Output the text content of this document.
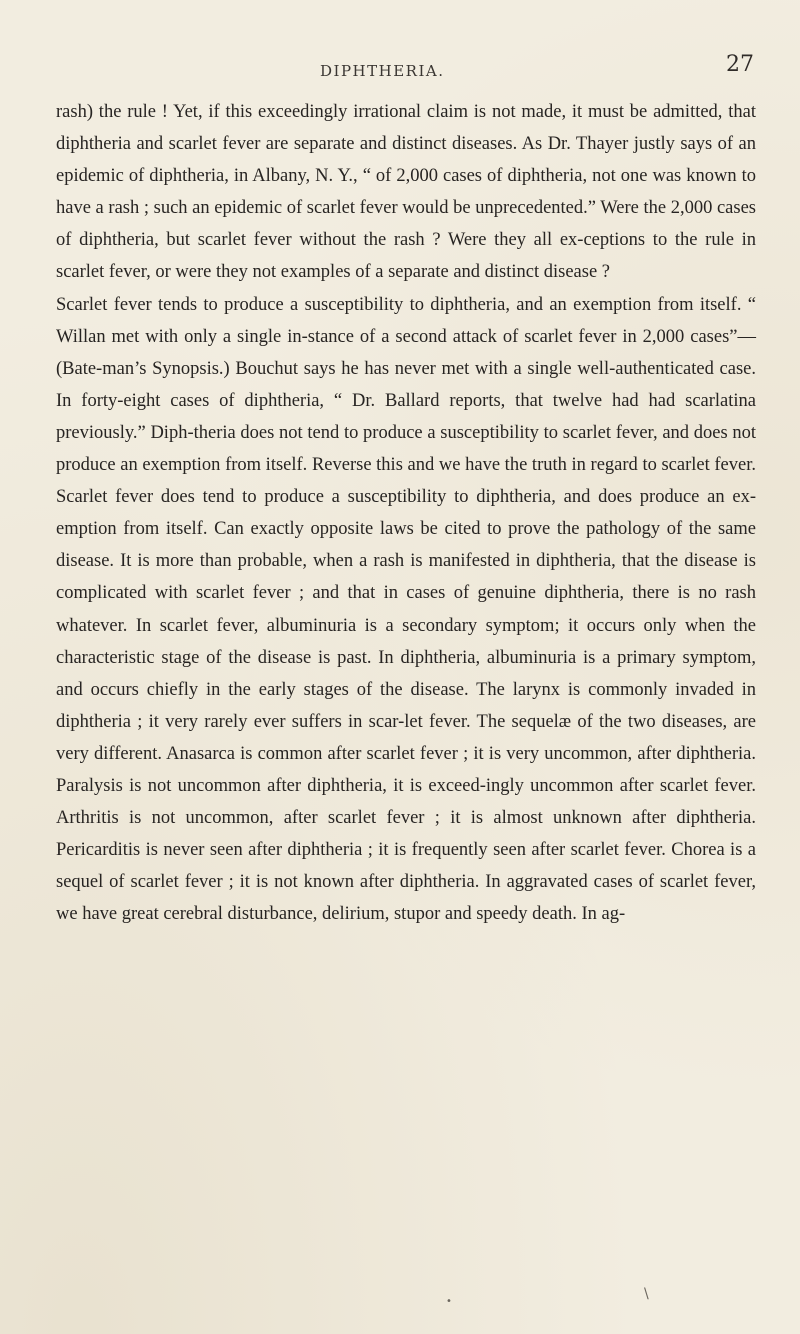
DIPHTHERIA.	27

rash) the rule ! Yet, if this exceedingly irrational claim is not made, it must be admitted, that diphtheria and scarlet fever are separate and distinct diseases. As Dr. Thayer justly says of an epidemic of diphtheria, in Albany, N. Y., “ of 2,000 cases of diphtheria, not one was known to have a rash ; such an epidemic of scarlet fever would be unprecedented.” Were the 2,000 cases of diphtheria, but scarlet fever without the rash ? Were they all ex-ceptions to the rule in scarlet fever, or were they not examples of a separate and distinct disease ?

Scarlet fever tends to produce a susceptibility to diphtheria, and an exemption from itself. “ Willan met with only a single in-stance of a second attack of scarlet fever in 2,000 cases”—(Bate-man’s Synopsis.) Bouchut says he has never met with a single well-authenticated case. In forty-eight cases of diphtheria, “ Dr. Ballard reports, that twelve had had scarlatina previously.” Diph-theria does not tend to produce a susceptibility to scarlet fever, and does not produce an exemption from itself. Reverse this and we have the truth in regard to scarlet fever. Scarlet fever does tend to produce a susceptibility to diphtheria, and does produce an ex-emption from itself. Can exactly opposite laws be cited to prove the pathology of the same disease. It is more than probable, when a rash is manifested in diphtheria, that the disease is complicated with scarlet fever ; and that in cases of genuine diphtheria, there is no rash whatever. In scarlet fever, albuminuria is a secondary symptom; it occurs only when the characteristic stage of the disease is past. In diphtheria, albuminuria is a primary symptom, and occurs chiefly in the early stages of the disease. The larynx is commonly invaded in diphtheria ; it very rarely ever suffers in scar-let fever. The sequelæ of the two diseases, are very different. Anasarca is common after scarlet fever ; it is very uncommon, after diphtheria. Paralysis is not uncommon after diphtheria, it is exceed-ingly uncommon after scarlet fever. Arthritis is not uncommon, after scarlet fever ; it is almost unknown after diphtheria. Pericarditis is never seen after diphtheria ; it is frequently seen after scarlet fever. Chorea is a sequel of scarlet fever ; it is not known after diphtheria. In aggravated cases of scarlet fever, we have great cerebral disturbance, delirium, stupor and speedy death. In ag-

•	\
